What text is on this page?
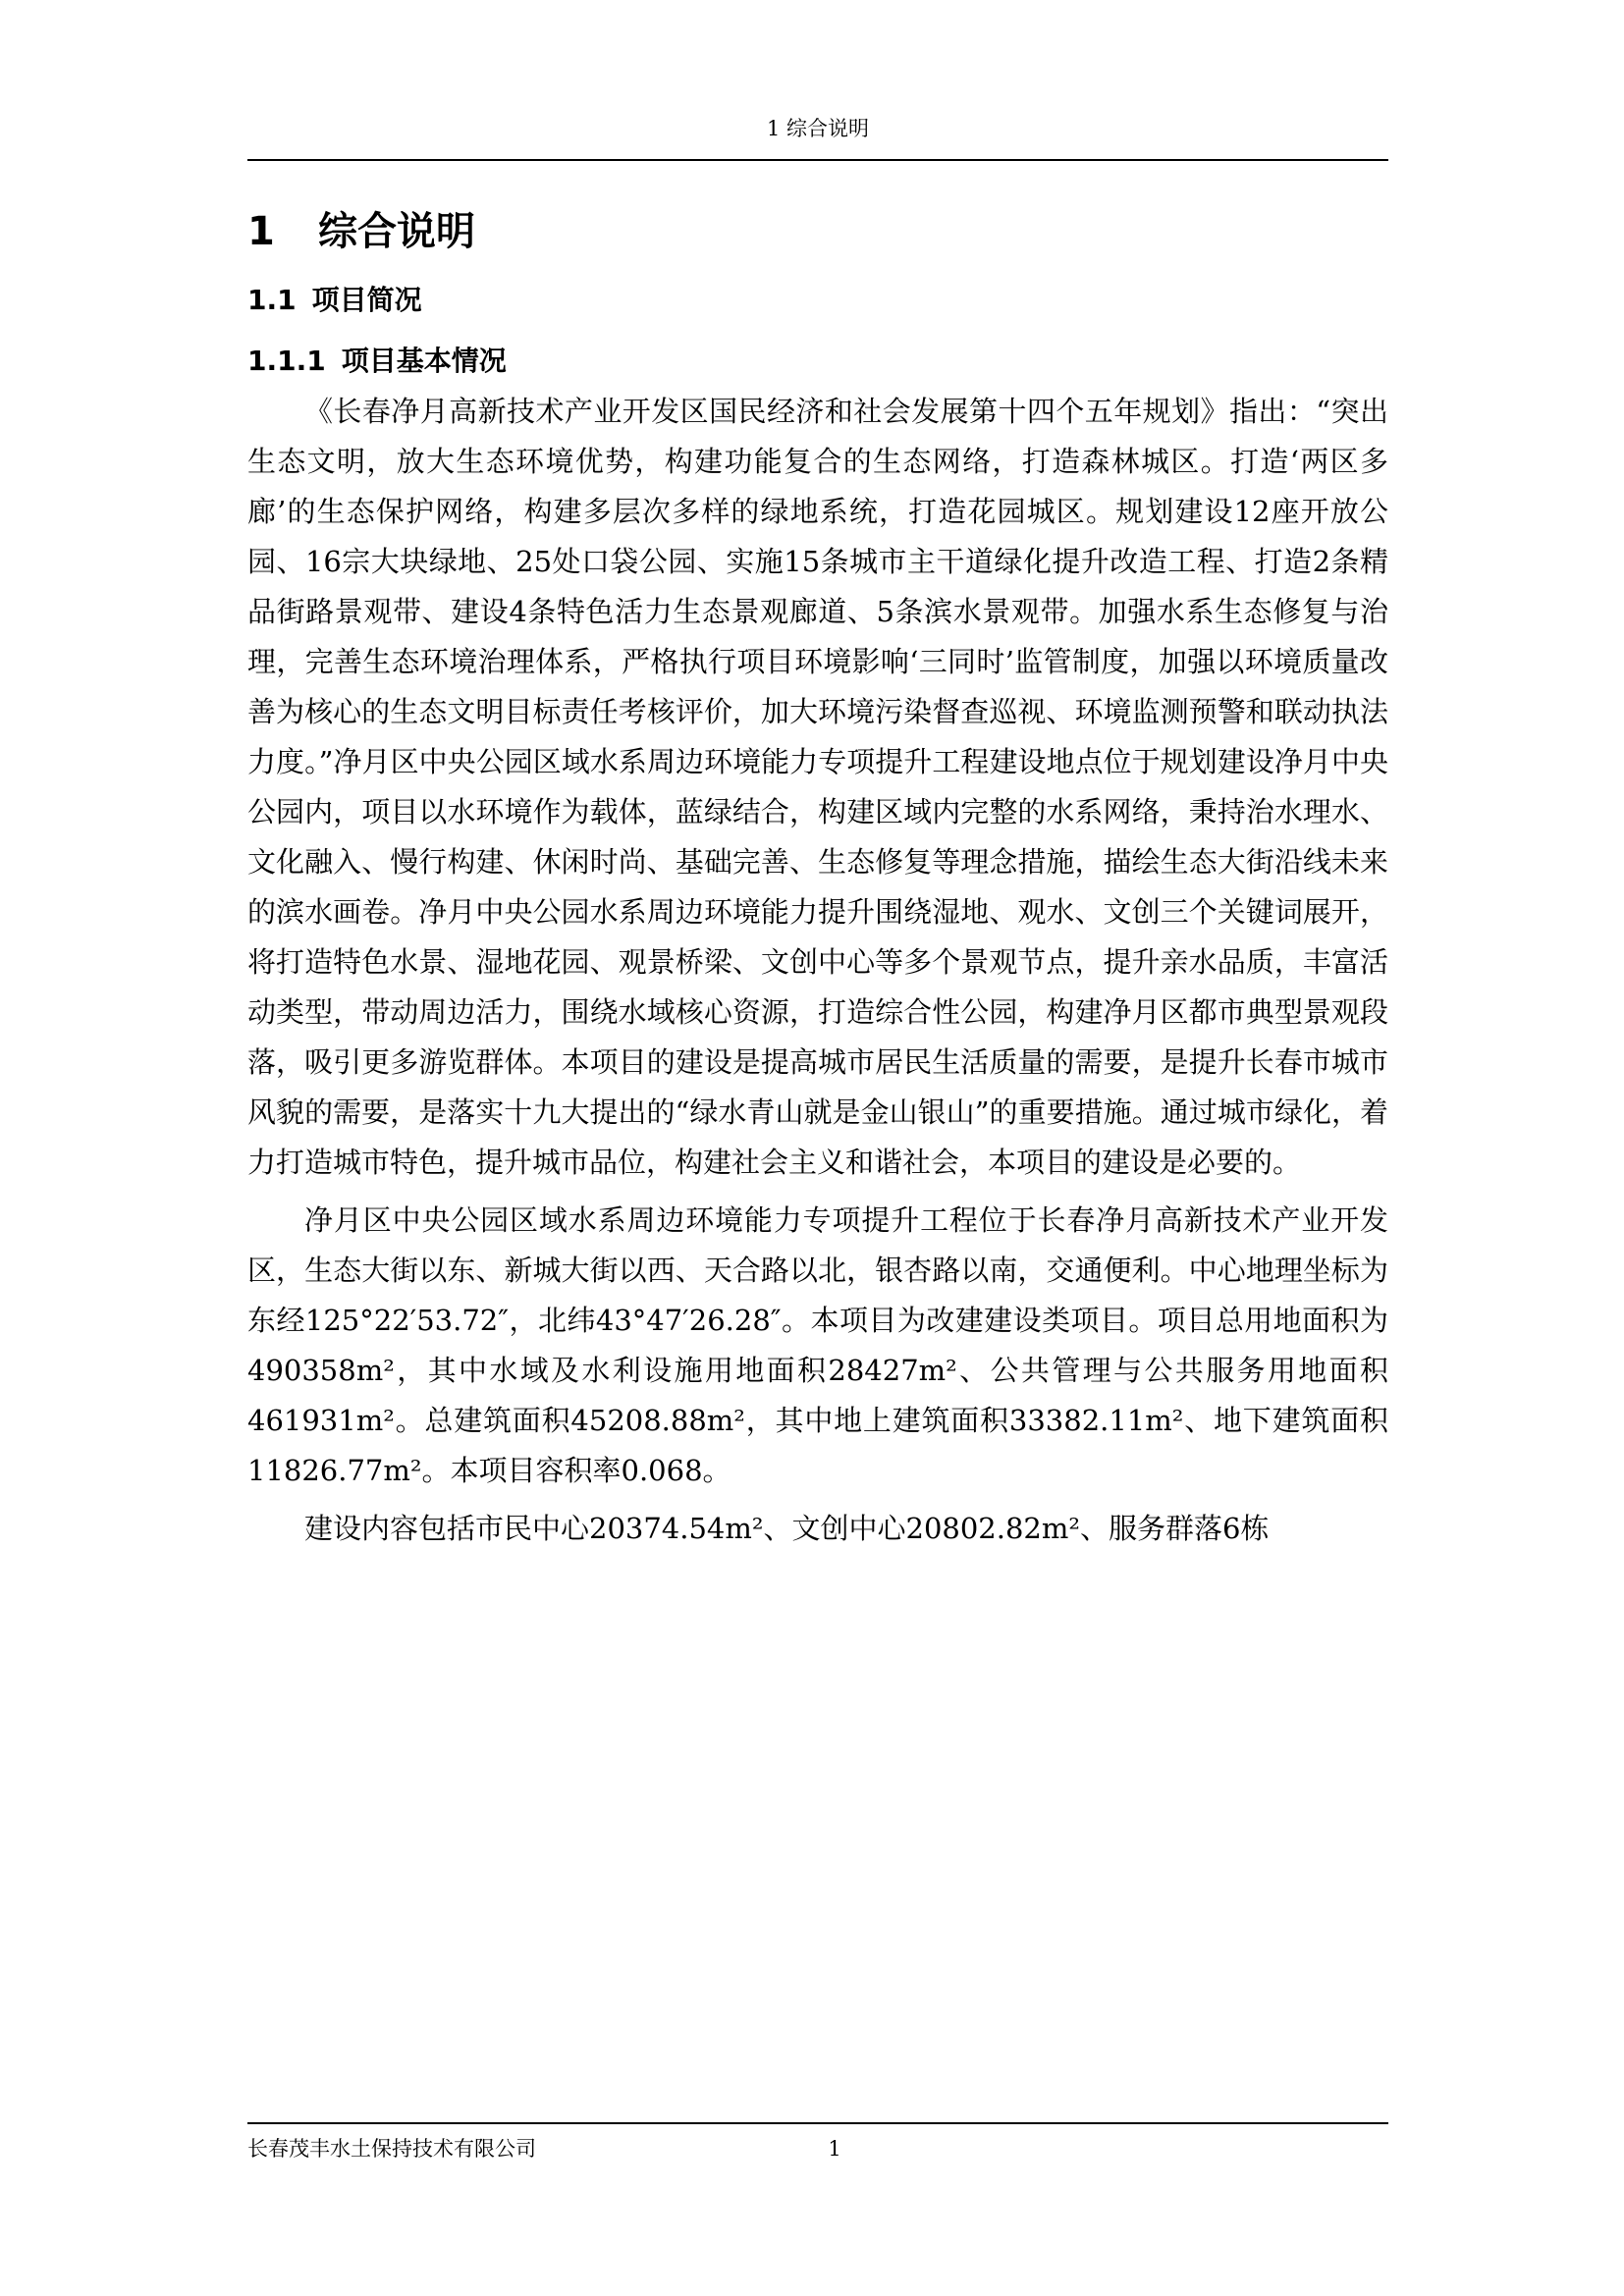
1 综合说明
1 综合说明
1.1 项目简况
1.1.1 项目基本情况

《长春净月高新技术产业开发区国民经济和社会发展第十四个五年规划》指出：“突出生态文明，放大生态环境优势，构建功能复合的生态网络，打造森林城区。打造‘两区多廊’的生态保护网络，构建多层次多样的绿地系统，打造花园城区。规划建设12座开放公园、16宗大块绿地、25处口袋公园、实施15条城市主干道绿化提升改造工程、打造2条精品街路景观带、建设4条特色活力生态景观廊道、5条滨水景观带。加强水系生态修复与治理，完善生态环境治理体系，严格执行项目环境影响‘三同时’监管制度，加强以环境质量改善为核心的生态文明目标责任考核评价，加大环境污染督查巡视、环境监测预警和联动执法力度。”净月区中央公园区域水系周边环境能力专项提升工程建设地点位于规划建设净月中央公园内，项目以水环境作为载体，蓝绿结合，构建区域内完整的水系网络，秉持治水理水、文化融入、慢行构建、休闲时尚、基础完善、生态修复等理念措施，描绘生态大街沿线未来的滨水画卷。净月中央公园水系周边环境能力提升围绕湿地、观水、文创三个关键词展开，将打造特色水景、湿地花园、观景桥梁、文创中心等多个景观节点，提升亲水品质，丰富活动类型，带动周边活力，围绕水域核心资源，打造综合性公园，构建净月区都市典型景观段落，吸引更多游览群体。本项目的建设是提高城市居民生活质量的需要，是提升长春市城市风貌的需要，是落实十九大提出的“绿水青山就是金山银山”的重要措施。通过城市绿化，着力打造城市特色，提升城市品位，构建社会主义和谐社会，本项目的建设是必要的。

净月区中央公园区域水系周边环境能力专项提升工程位于长春净月高新技术产业开发区，生态大街以东、新城大街以西、天合路以北，银杏路以南，交通便利。中心地理坐标为东经125°22′53.72″，北纬43°47′26.28″。本项目为改建建设类项目。项目总用地面积为490358m²，其中水域及水利设施用地面积28427m²、公共管理与公共服务用地面积461931m²。总建筑面积45208.88m²，其中地上建筑面积33382.11m²、地下建筑面积11826.77m²。本项目容积率0.068。

建设内容包括市民中心20374.54m²、文创中心20802.82m²、服务群落6栋

长春茂丰水土保持技术有限公司	1
